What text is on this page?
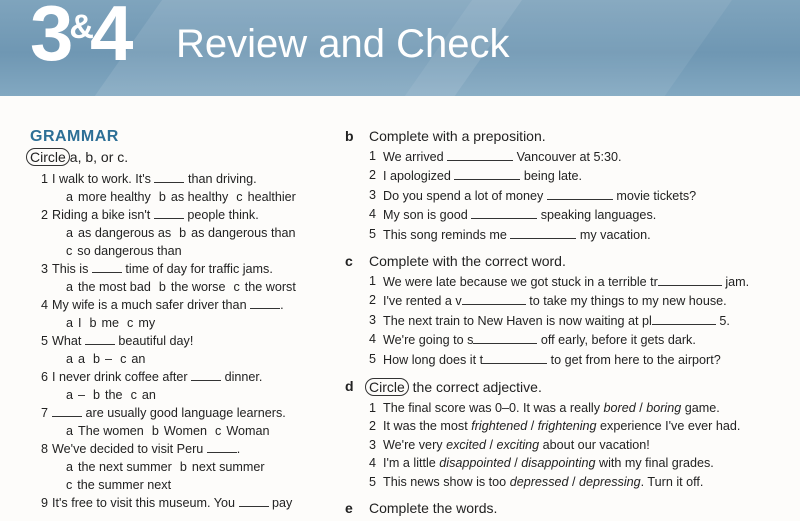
3&4 Review and Check
GRAMMAR
Circle a, b, or c.
1 I walk to work. It's	than driving.
a more healthy b as healthy c healthier
2 Riding a bike isn't	people think.
a as dangerous as b as dangerous than
c so dangerous than
3 This is	time of day for traffic jams.
a the most bad b the worse c the worst
4 My wife is a much safer driver than	.
a I b me c my
5 What	beautiful day!
a a b – c an
6 I never drink coffee after	dinner.
a – b the c an
7	are usually good language learners.
a The women b Women c Woman
8 We've decided to visit Peru	.
a the next summer b next summer
c the summer next
9 It's free to visit this museum. You	pay
b Complete with a preposition.
1 We arrived	Vancouver at 5:30.
2 I apologized	being late.
3 Do you spend a lot of money	movie tickets?
4 My son is good	speaking languages.
5 This song reminds me	my vacation.
c Complete with the correct word.
1 We were late because we got stuck in a terrible tr	jam.
2 I've rented a v	to take my things to my new house.
3 The next train to New Haven is now waiting at pl	5.
4 We're going to s	off early, before it gets dark.
5 How long does it t	to get from here to the airport?
d Circle the correct adjective.
1 The final score was 0–0. It was a really bored / boring game.
2 It was the most frightened / frightening experience I've ever had.
3 We're very excited / exciting about our vacation!
4 I'm a little disappointed / disappointing with my final grades.
5 This news show is too depressed / depressing. Turn it off.
e Complete the words.
